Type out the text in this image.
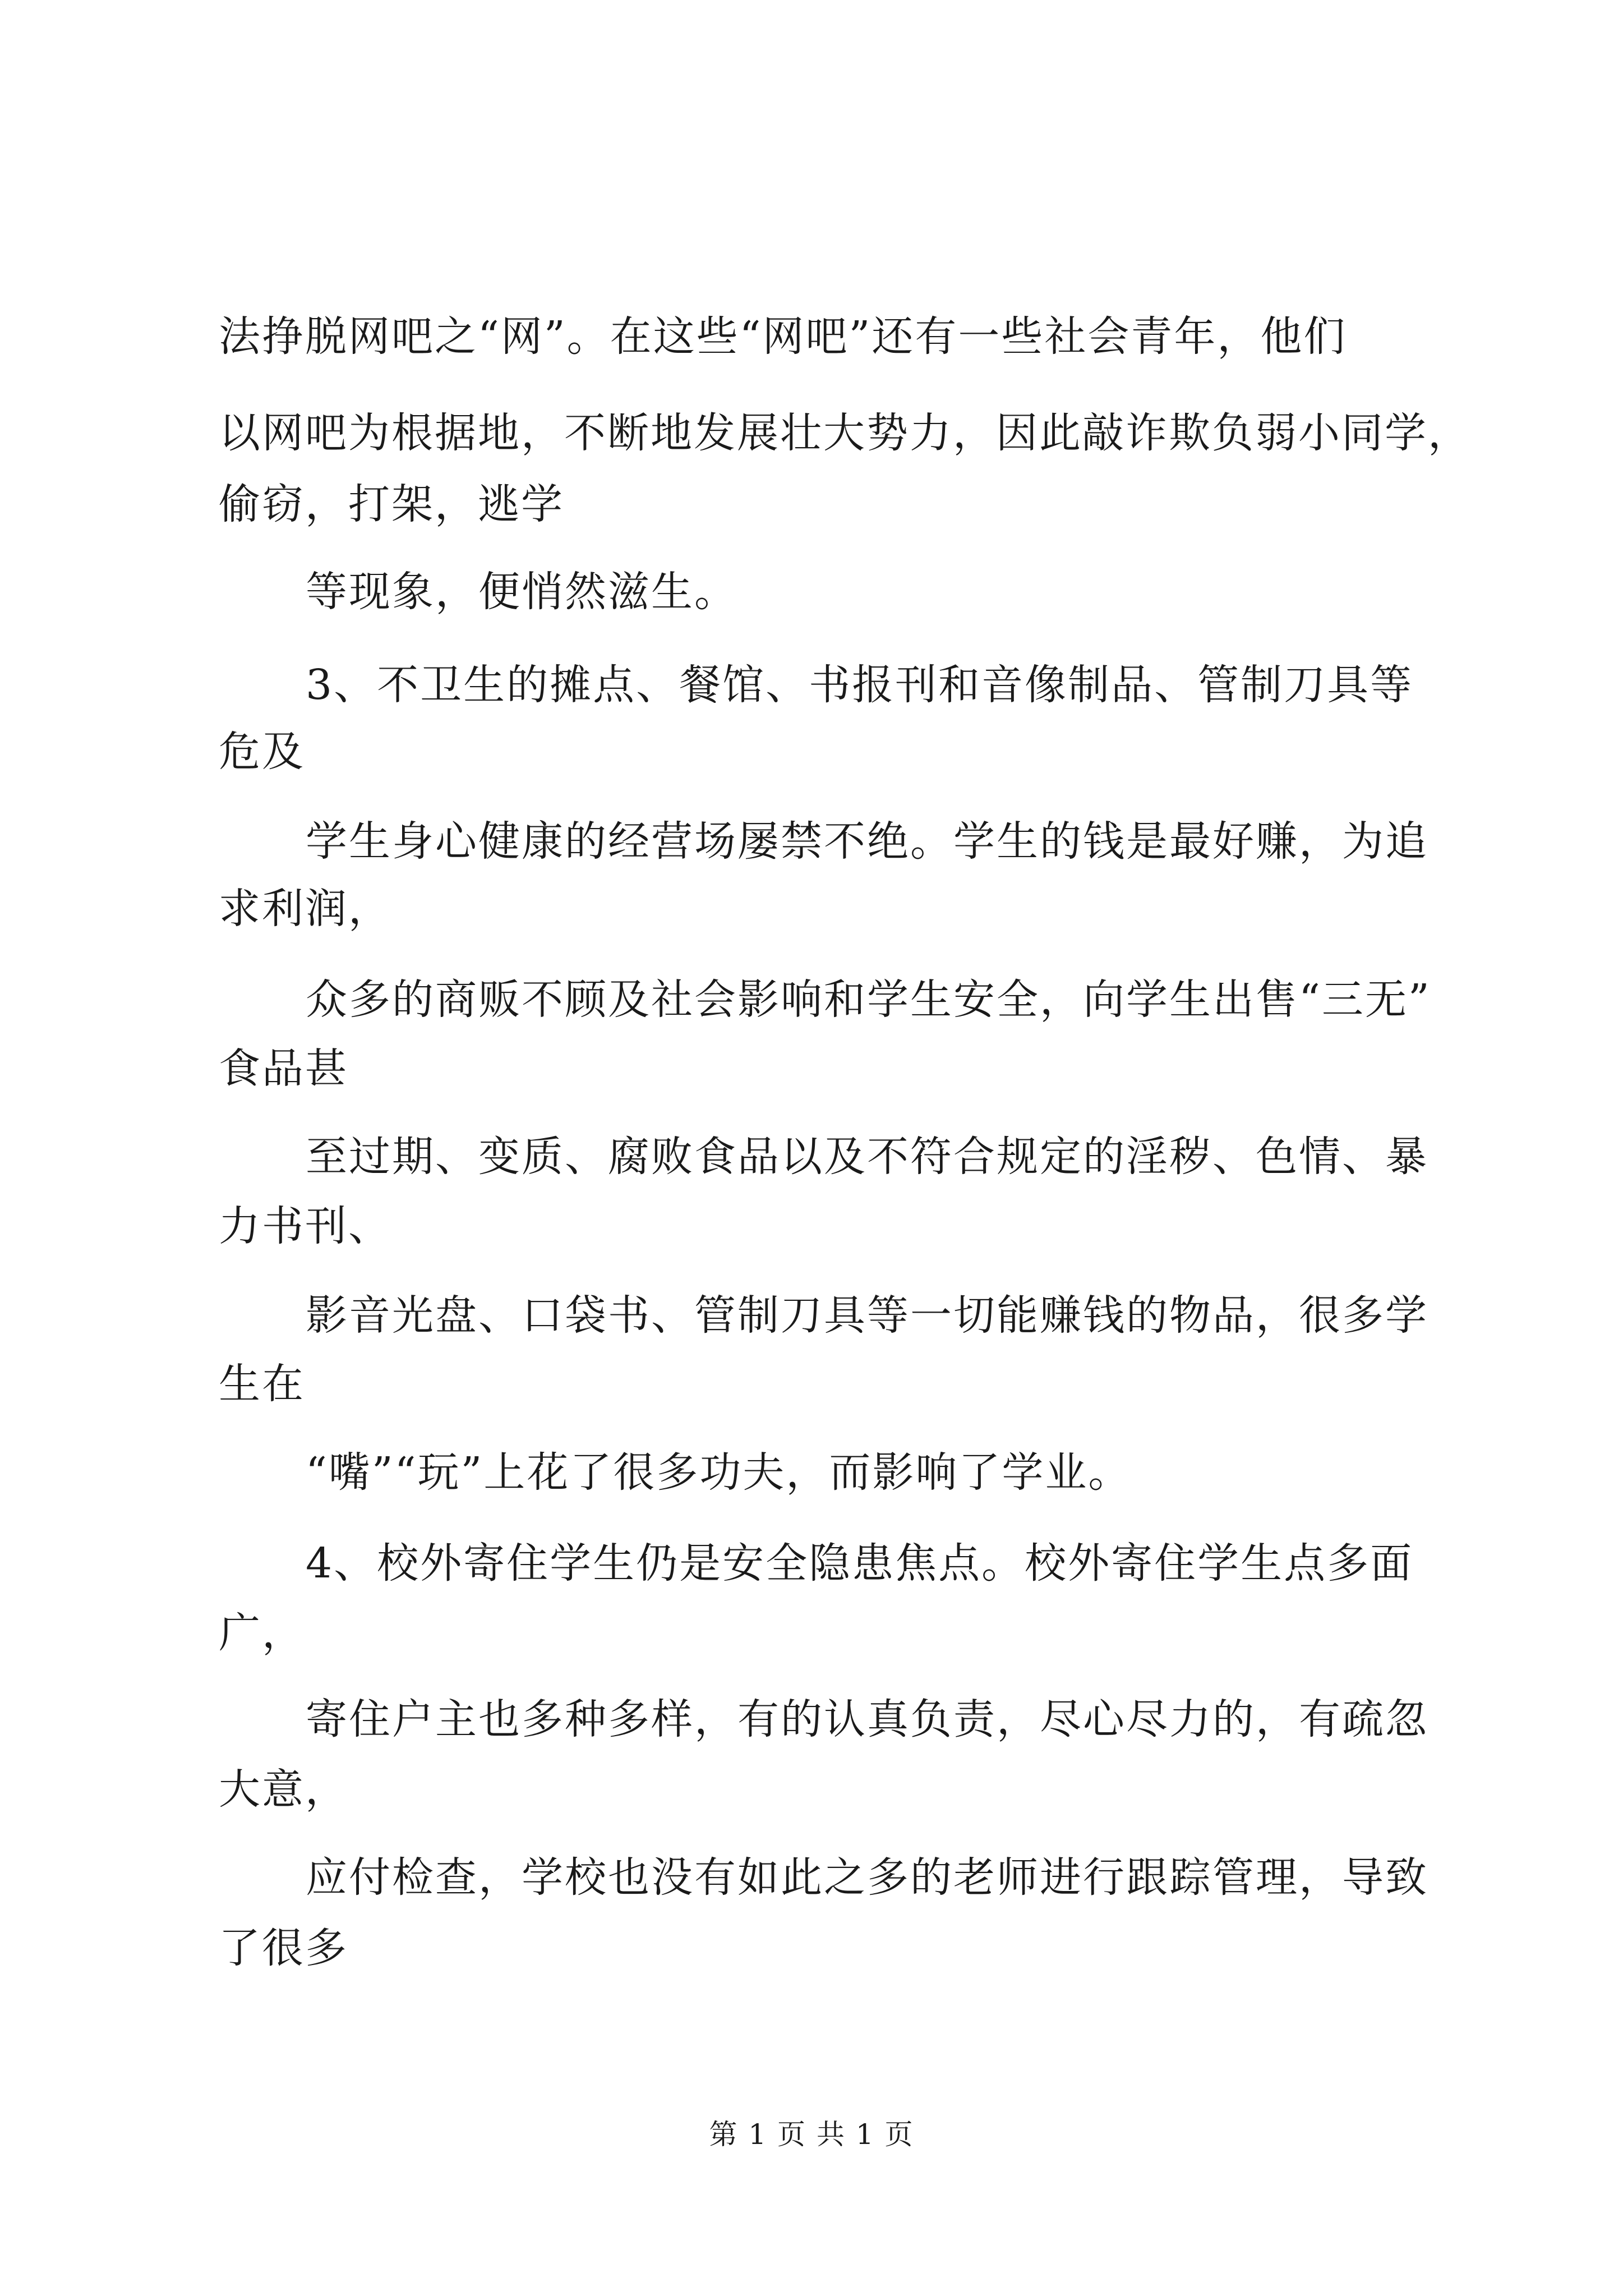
法挣脱网吧之“网”。在这些“网吧”还有一些社会青年，他们
以网吧为根据地，不断地发展壮大势力，因此敲诈欺负弱小同学，
偷窃，打架，逃学
等现象，便悄然滋生。
3、不卫生的摊点、餐馆、书报刊和音像制品、管制刀具等
危及
学生身心健康的经营场屡禁不绝。学生的钱是最好赚，为追
求利润，
众多的商贩不顾及社会影响和学生安全，向学生出售“三无”
食品甚
至过期、变质、腐败食品以及不符合规定的淫秽、色情、暴
力书刊、
影音光盘、口袋书、管制刀具等一切能赚钱的物品，很多学
生在
“嘴”“玩”上花了很多功夫，而影响了学业。
4、校外寄住学生仍是安全隐患焦点。校外寄住学生点多面
广，
寄住户主也多种多样，有的认真负责，尽心尽力的，有疏忽
大意，
应付检查，学校也没有如此之多的老师进行跟踪管理，导致
了很多
第 1 页 共 1 页
